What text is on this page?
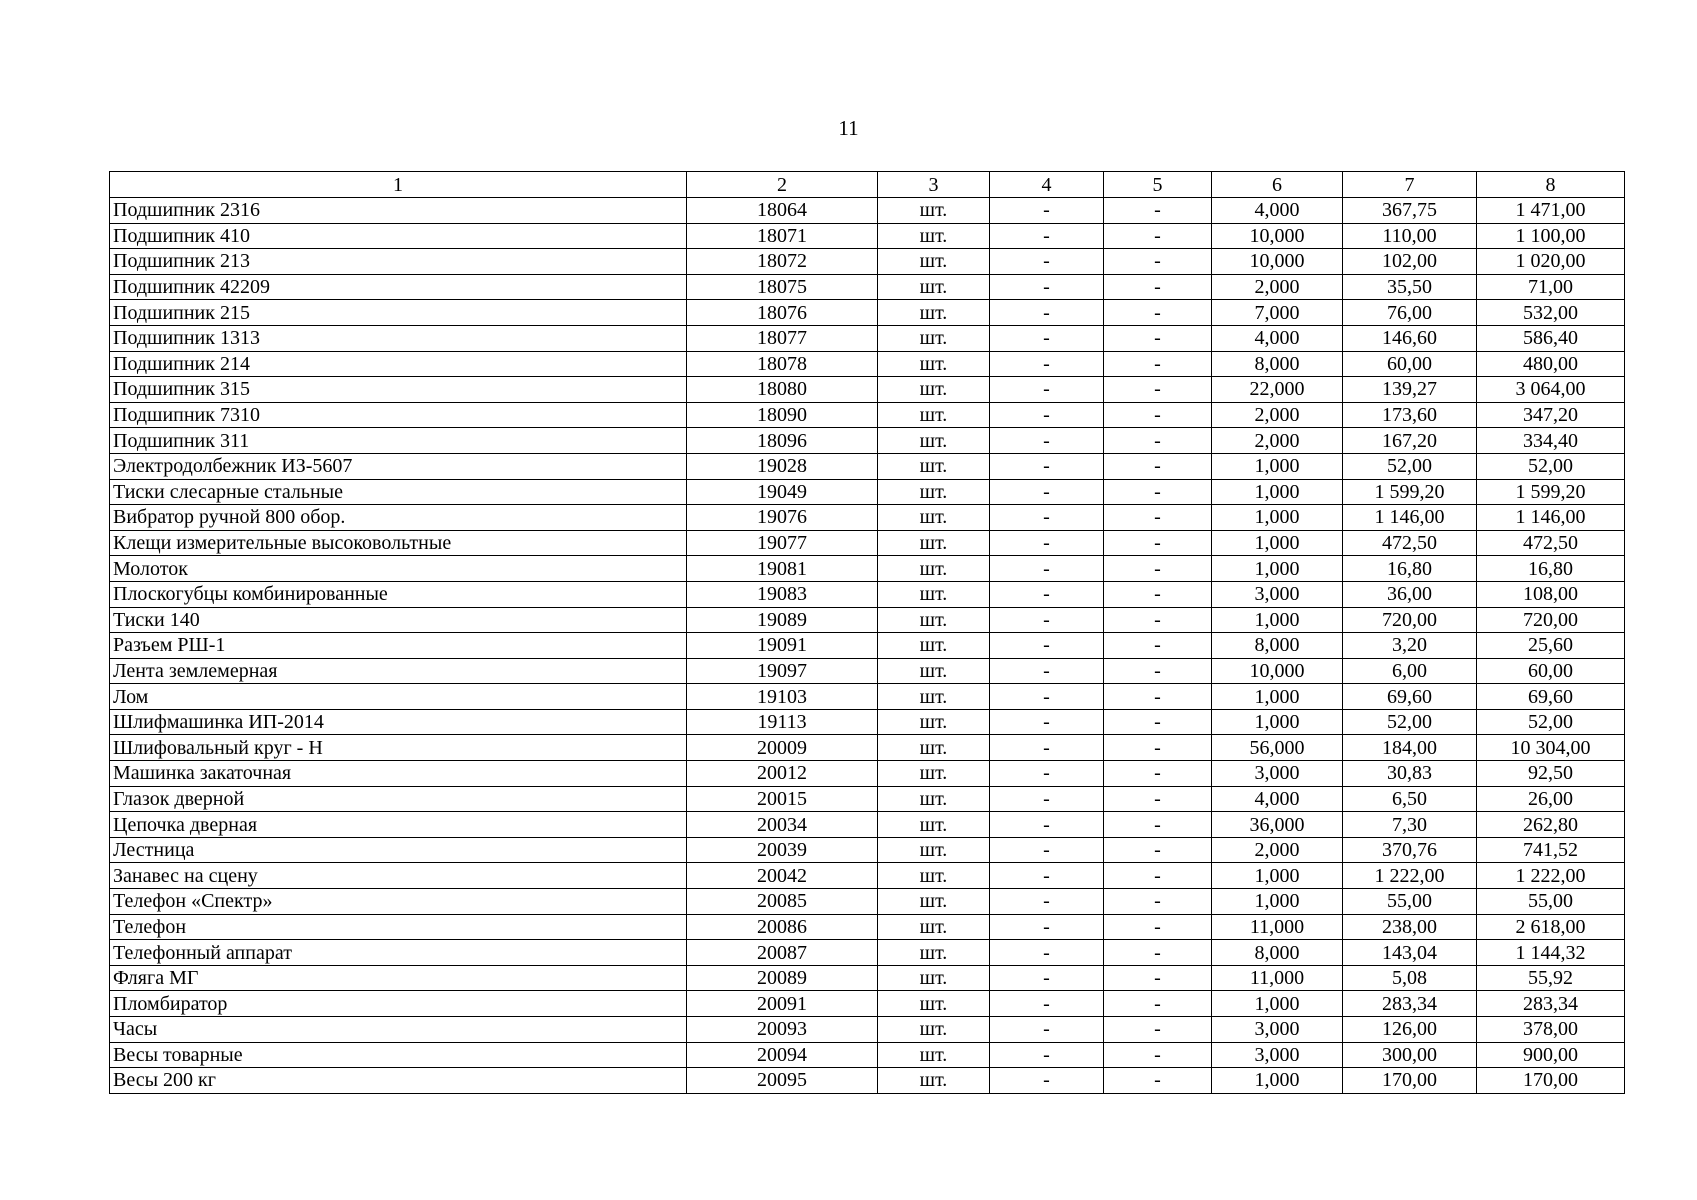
11
1	2	3	4	5	6	7	8
Подшипник 2316	18064	шт.	-	-	4,000	367,75	1 471,00
Подшипник 410	18071	шт.	-	-	10,000	110,00	1 100,00
Подшипник 213	18072	шт.	-	-	10,000	102,00	1 020,00
Подшипник 42209	18075	шт.	-	-	2,000	35,50	71,00
Подшипник 215	18076	шт.	-	-	7,000	76,00	532,00
Подшипник 1313	18077	шт.	-	-	4,000	146,60	586,40
Подшипник 214	18078	шт.	-	-	8,000	60,00	480,00
Подшипник 315	18080	шт.	-	-	22,000	139,27	3 064,00
Подшипник 7310	18090	шт.	-	-	2,000	173,60	347,20
Подшипник 311	18096	шт.	-	-	2,000	167,20	334,40
Электродолбежник ИЗ-5607	19028	шт.	-	-	1,000	52,00	52,00
Тиски слесарные стальные	19049	шт.	-	-	1,000	1 599,20	1 599,20
Вибратор ручной 800 обор.	19076	шт.	-	-	1,000	1 146,00	1 146,00
Клещи измерительные высоковольтные	19077	шт.	-	-	1,000	472,50	472,50
Молоток	19081	шт.	-	-	1,000	16,80	16,80
Плоскогубцы комбинированные	19083	шт.	-	-	3,000	36,00	108,00
Тиски 140	19089	шт.	-	-	1,000	720,00	720,00
Разъем РШ-1	19091	шт.	-	-	8,000	3,20	25,60
Лента землемерная	19097	шт.	-	-	10,000	6,00	60,00
Лом	19103	шт.	-	-	1,000	69,60	69,60
Шлифмашинка ИП-2014	19113	шт.	-	-	1,000	52,00	52,00
Шлифовальный круг - Н	20009	шт.	-	-	56,000	184,00	10 304,00
Машинка закаточная	20012	шт.	-	-	3,000	30,83	92,50
Глазок дверной	20015	шт.	-	-	4,000	6,50	26,00
Цепочка дверная	20034	шт.	-	-	36,000	7,30	262,80
Лестница	20039	шт.	-	-	2,000	370,76	741,52
Занавес на сцену	20042	шт.	-	-	1,000	1 222,00	1 222,00
Телефон «Спектр»	20085	шт.	-	-	1,000	55,00	55,00
Телефон	20086	шт.	-	-	11,000	238,00	2 618,00
Телефонный аппарат	20087	шт.	-	-	8,000	143,04	1 144,32
Фляга МГ	20089	шт.	-	-	11,000	5,08	55,92
Пломбиратор	20091	шт.	-	-	1,000	283,34	283,34
Часы	20093	шт.	-	-	3,000	126,00	378,00
Весы товарные	20094	шт.	-	-	3,000	300,00	900,00
Весы 200 кг	20095	шт.	-	-	1,000	170,00	170,00
